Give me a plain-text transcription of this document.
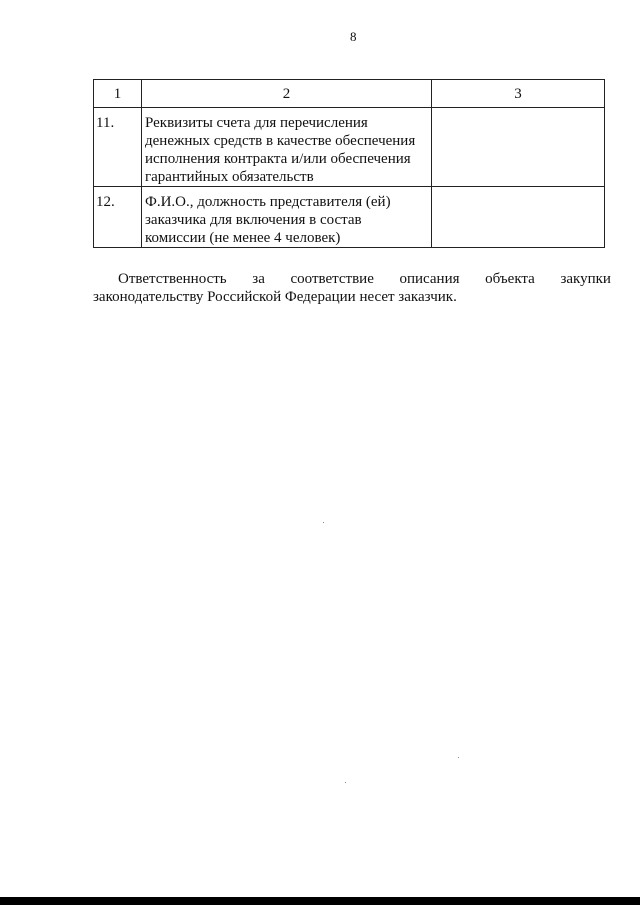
8
1	2	3

11.	Реквизиты счета для перечисления
денежных средств в качестве обеспечения
исполнения контракта и/или обеспечения
гарантийных обязательств	

12.	Ф.И.О., должность представителя (ей)
заказчика для включения в состав
комиссии (не менее 4 человек)	

Ответственность за соответствие описания объекта закупки
законодательству Российской Федерации несет заказчик.
